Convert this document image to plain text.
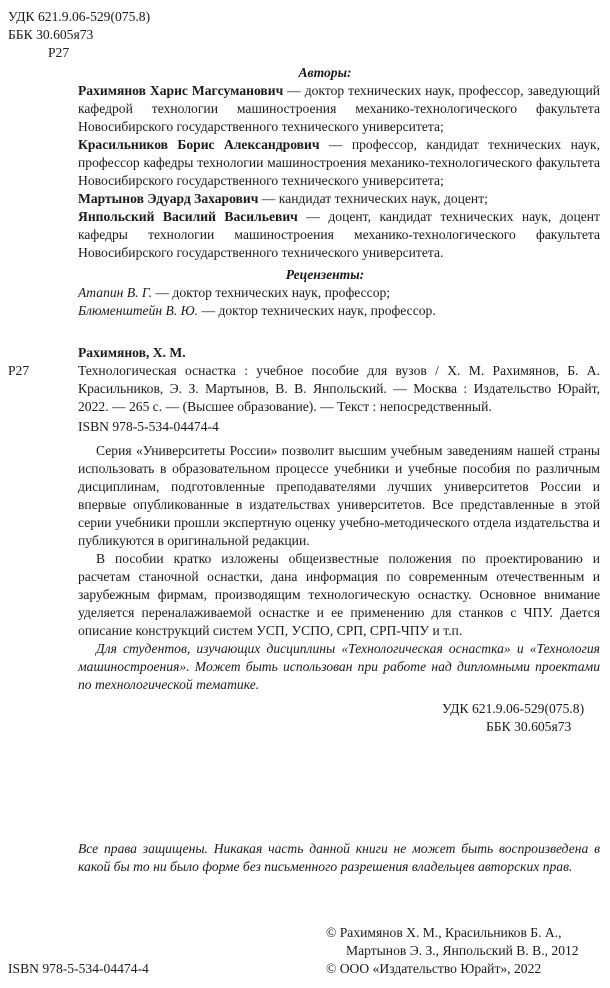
УДК 621.9.06-529(075.8)
ББК 30.605я73
Р27
Авторы:
Рахимянов Харис Магсуманович — доктор технических наук, профессор, заведующий кафедрой технологии машиностроения механико-технологического факультета Новосибирского государственного технического университета;
Красильников Борис Александрович — профессор, кандидат технических наук, профессор кафедры технологии машиностроения механико-технологического факультета Новосибирского государственного технического университета;
Мартынов Эдуард Захарович — кандидат технических наук, доцент;
Янпольский Василий Васильевич — доцент, кандидат технических наук, доцент кафедры технологии машиностроения механико-технологического факультета Новосибирского государственного технического университета.
Рецензенты:
Атапин В. Г. — доктор технических наук, профессор;
Блюменштейн В. Ю. — доктор технических наук, профессор.
Рахимянов, Х. М.
Р27	Технологическая оснастка : учебное пособие для вузов / Х. М. Рахимянов, Б. А. Красильников, Э. З. Мартынов, В. В. Янпольский. — Москва : Издательство Юрайт, 2022. — 265 с. — (Высшее образование). — Текст : непосредственный.
ISBN 978-5-534-04474-4
Серия «Университеты России» позволит высшим учебным заведениям нашей страны использовать в образовательном процессе учебники и учебные пособия по различным дисциплинам, подготовленные преподавателями лучших университетов России и впервые опубликованные в издательствах университетов. Все представленные в этой серии учебники прошли экспертную оценку учебно-методического отдела издательства и публикуются в оригинальной редакции.
В пособии кратко изложены общеизвестные положения по проектированию и расчетам станочной оснастки, дана информация по современным отечественным и зарубежным фирмам, производящим технологическую оснастку. Основное внимание уделяется переналаживаемой оснастке и ее применению для станков с ЧПУ. Дается описание конструкций систем УСП, УСПО, СРП, СРП-ЧПУ и т.п.
Для студентов, изучающих дисциплины «Технологическая оснастка» и «Технология машиностроения». Может быть использован при работе над дипломными проектами по технологической тематике.
УДК 621.9.06-529(075.8)
ББК 30.605я73
Все права защищены. Никакая часть данной книги не может быть воспроизведена в какой бы то ни было форме без письменного разрешения владельцев авторских прав.
© Рахимянов Х. М., Красильников Б. А.,
Мартынов Э. З., Янпольский В. В., 2012
ISBN 978-5-534-04474-4	© ООО «Издательство Юрайт», 2022
